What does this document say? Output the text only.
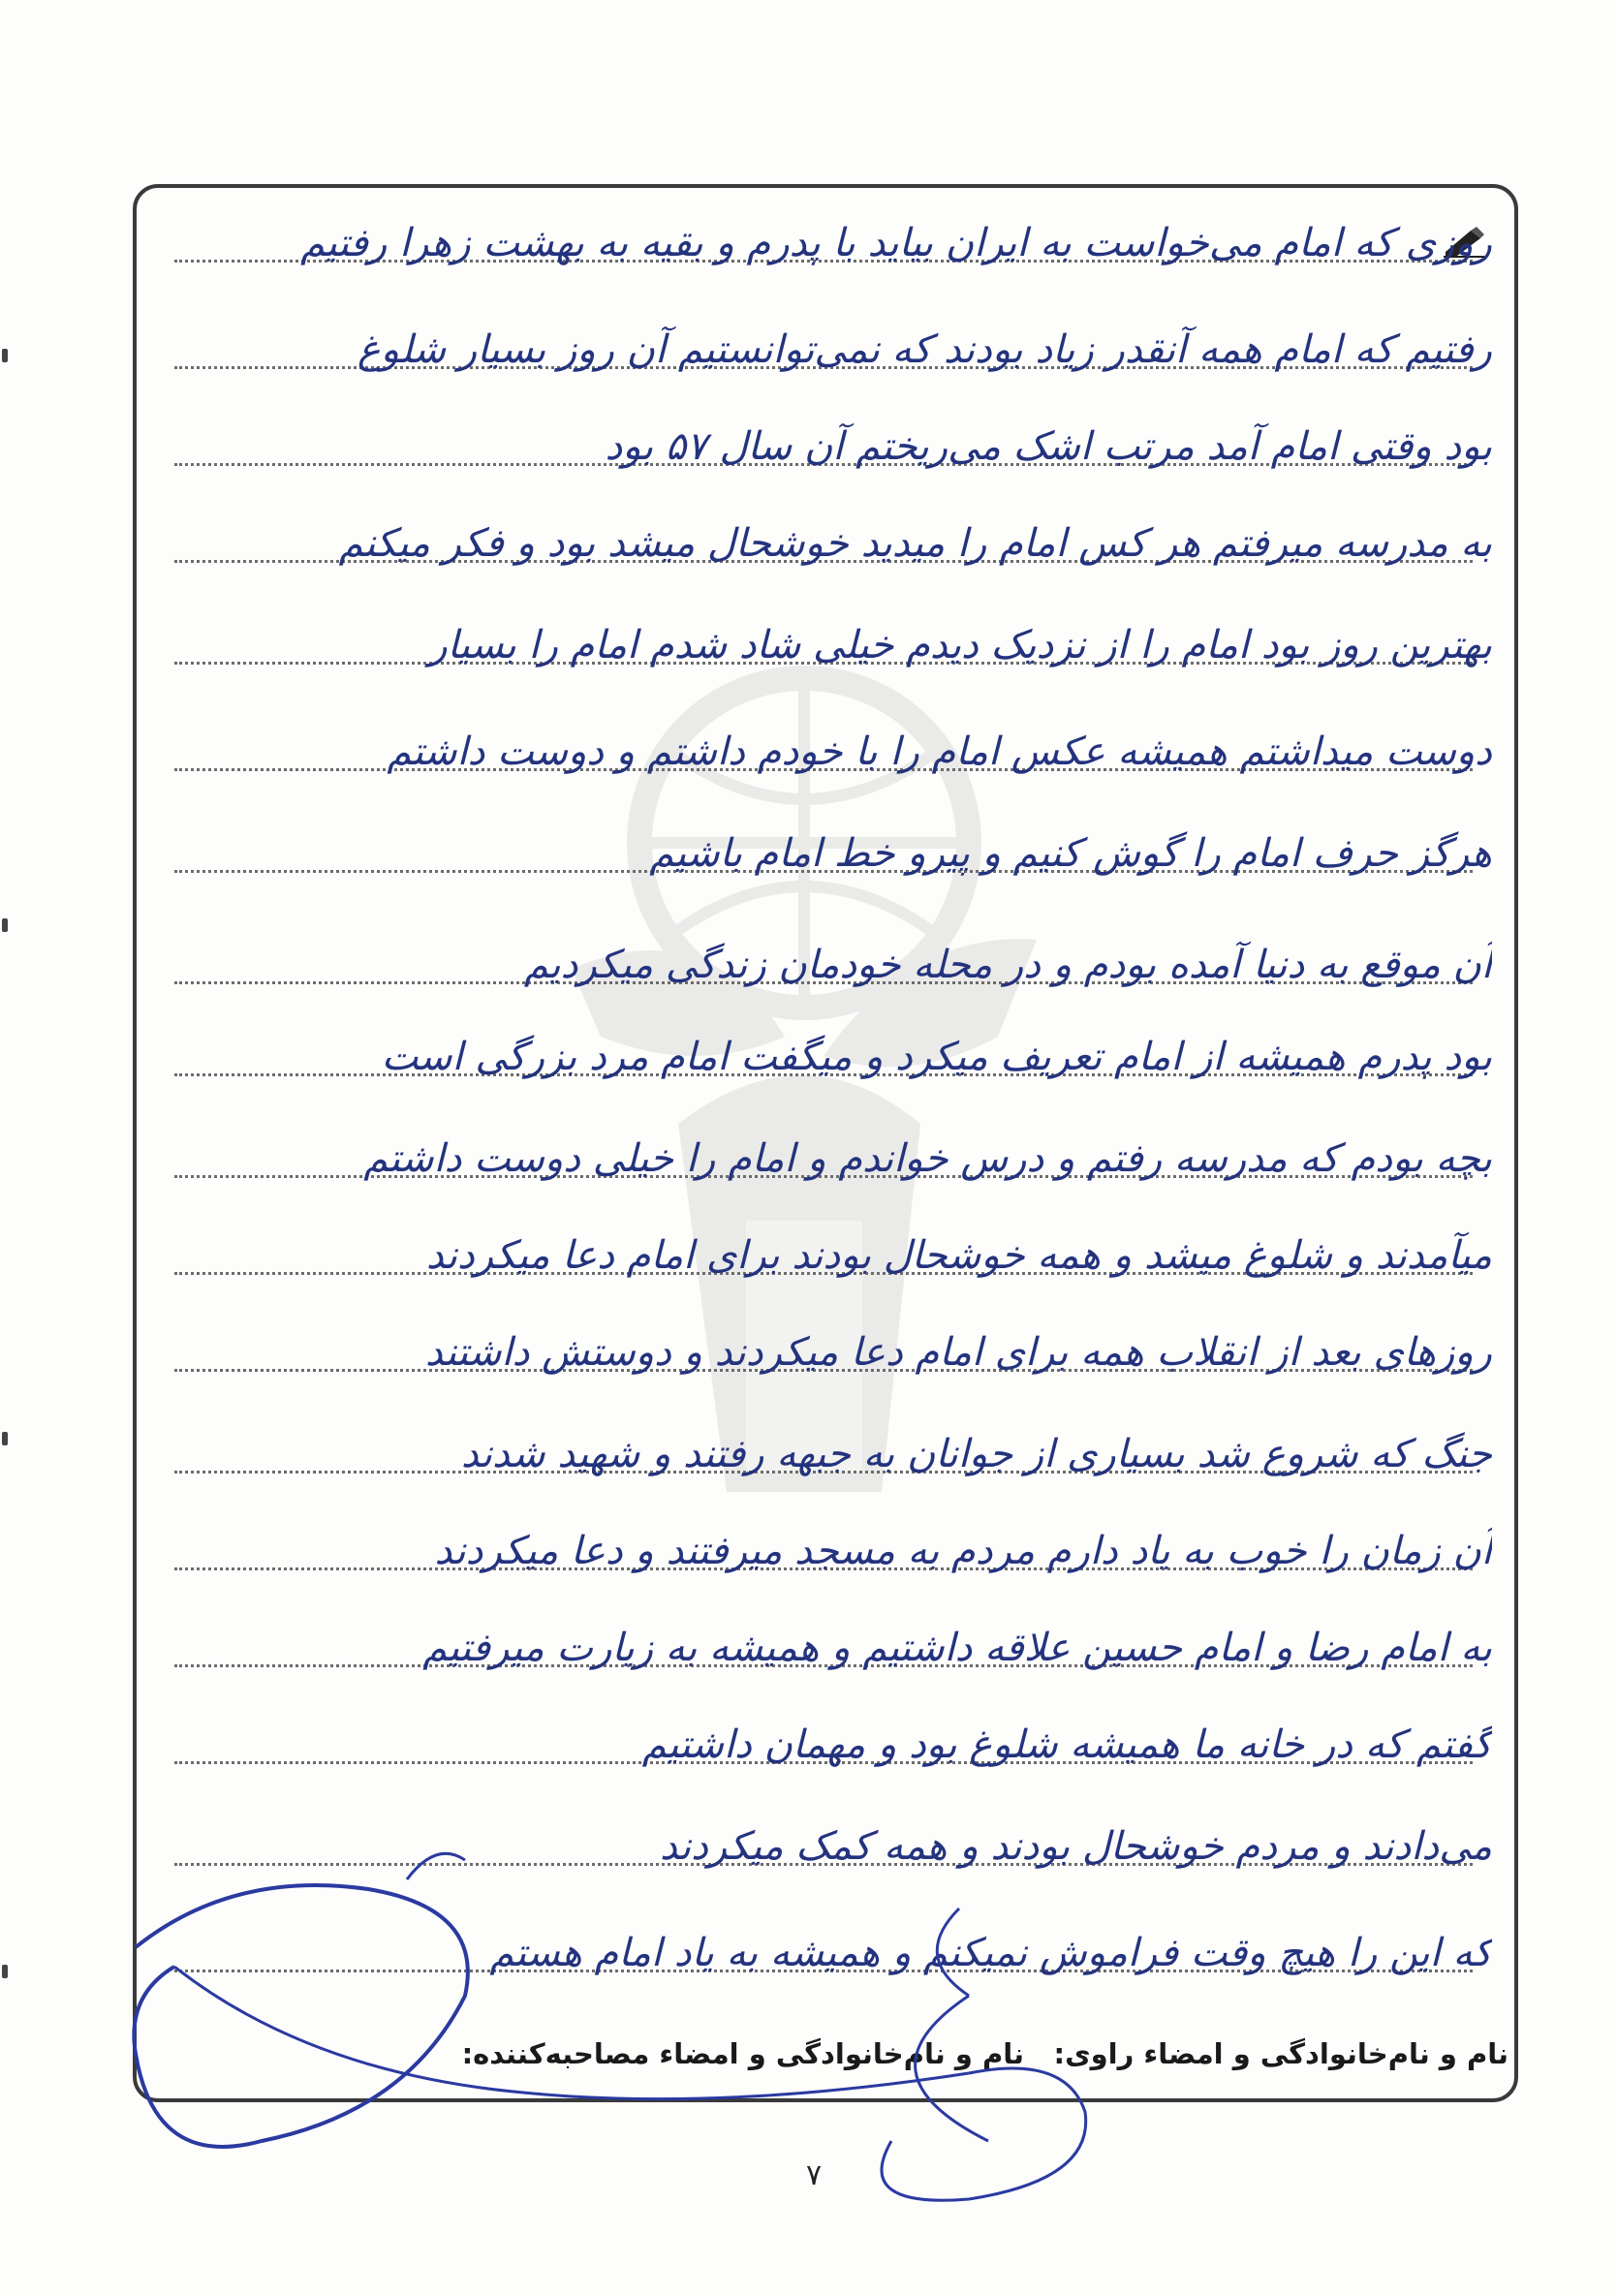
روزی که امام می‌خواست به ایران بیاید با پدرم و بقیه به بهشت زهرا رفتیم
رفتیم که امام همه آنقدر زیاد بودند که نمی‌توانستیم آن روز بسیار شلوغ
بود وقتی امام آمد مرتب اشک می‌ریختم آن سال ۵۷ بود
به مدرسه میرفتم هر کس امام را میدید خوشحال میشد بود و فکر میکنم
بهترین روز بود امام را از نزدیک دیدم خیلی شاد شدم امام را بسیار
دوست میداشتم همیشه عکس امام را با خودم داشتم و دوست داشتم
هرگز حرف امام را گوش کنیم و پیرو خط امام باشیم
آن موقع به دنیا آمده بودم و در محله خودمان زندگی میکردیم
بود پدرم همیشه از امام تعریف میکرد و میگفت امام مرد بزرگی است
بچه بودم که مدرسه رفتم و درس خواندم و امام را خیلی دوست داشتم
میآمدند و شلوغ میشد و همه خوشحال بودند برای امام دعا میکردند
روزهای بعد از انقلاب همه برای امام دعا میکردند و دوستش داشتند
جنگ که شروع شد بسیاری از جوانان به جبهه رفتند و شهید شدند
آن زمان را خوب به یاد دارم مردم به مسجد میرفتند و دعا میکردند
به امام رضا و امام حسین علاقه داشتیم و همیشه به زیارت میرفتیم
گفتم که در خانه ما همیشه شلوغ بود و مهمان داشتیم
می‌دادند و مردم خوشحال بودند و همه کمک میکردند
که این را هیچ وقت فراموش نمیکنم و همیشه به یاد امام هستم
نام و نام‌خانوادگی و امضاء راوی:
نام و نام‌خانوادگی و امضاء مصاحبه‌کننده:
۷
